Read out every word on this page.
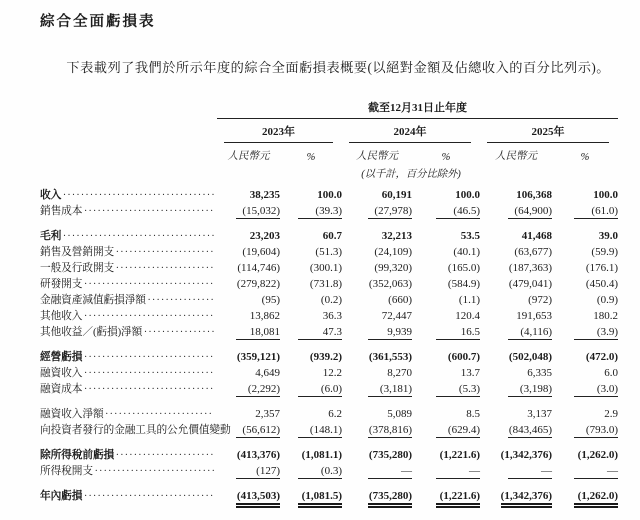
綜合全面虧損表

下表載列了我們於所示年度的綜合全面虧損表概要(以絕對金額及佔總收入的百分比列示)。

截至12月31日止年度
2023年	2024年	2025年
人民幣元	%	人民幣元	%	人民幣元	%
(以千計，百分比除外)
收入 .....	38,235	100.0	60,191	100.0	106,368	100.0
銷售成本 .....	(15,032)	(39.3)	(27,978)	(46.5)	(64,900)	(61.0)
毛利 .....	23,203	60.7	32,213	53.5	41,468	39.0
銷售及營銷開支 .....	(19,604)	(51.3)	(24,109)	(40.1)	(63,677)	(59.9)
一般及行政開支 .....	(114,746)	(300.1)	(99,320)	(165.0)	(187,363)	(176.1)
研發開支 .....	(279,822)	(731.8)	(352,063)	(584.9)	(479,041)	(450.4)
金融資產減值虧損淨額 .....	(95)	(0.2)	(660)	(1.1)	(972)	(0.9)
其他收入 .....	13,862	36.3	72,447	120.4	191,653	180.2
其他收益／(虧損)淨額 .....	18,081	47.3	9,939	16.5	(4,116)	(3.9)
經營虧損 .....	(359,121)	(939.2)	(361,553)	(600.7)	(502,048)	(472.0)
融資收入 .....	4,649	12.2	8,270	13.7	6,335	6.0
融資成本 .....	(2,292)	(6.0)	(3,181)	(5.3)	(3,198)	(3.0)
融資收入淨額 .....	2,357	6.2	5,089	8.5	3,137	2.9
向投資者發行的金融工具的公允價值變動	(56,612)	(148.1)	(378,816)	(629.4)	(843,465)	(793.0)
除所得稅前虧損 .....	(413,376)	(1,081.1)	(735,280)	(1,221.6)	(1,342,376)	(1,262.0)
所得稅開支 .....	(127)	(0.3)	—	—	—	—
年內虧損 .....	(413,503)	(1,081.5)	(735,280)	(1,221.6)	(1,342,376)	(1,262.0)
